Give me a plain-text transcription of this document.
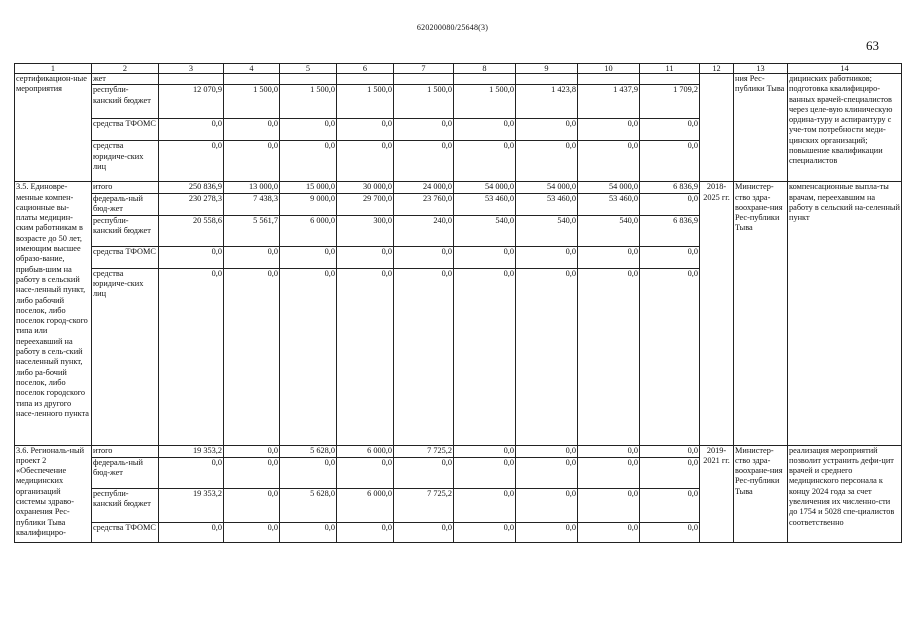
620200080/25648(3)
63
1	2	3	4	5	6	7	8	9	10	11	12	13	14
сертификацион-ные мероприятия	жет											ния Рес-публики Тыва	дицинских работников; подготовка квалифициро-ванных врачей-специалистов через целе-вую клиническую ордина-туру и аспирантуру с уче-том потребности меди-цинских организаций; повышение квалификации специалистов
	республи-канский бюджет	12 070,9	1 500,0	1 500,0	1 500,0	1 500,0	1 500,0	1 423,8	1 437,9	1 709,2			
	средства ТФОМС	0,0	0,0	0,0	0,0	0,0	0,0	0,0	0,0	0,0			
	средства юридиче-ских лиц	0,0	0,0	0,0	0,0	0,0	0,0	0,0	0,0	0,0			
3.5. Единовре-менные компен-сационные вы-платы медицин-ским работникам в возрасте до 50 лет, имеющим высшее образо-вание, прибыв-шим на работу в сельский насе-ленный пункт, либо рабочий поселок, либо поселок город-ского типа или переехавший на работу в сель-ский населенный пункт, либо ра-бочий поселок, либо поселок городского типа из другого насе-ленного пункта	итого	250 836,9	13 000,0	15 000,0	30 000,0	24 000,0	54 000,0	54 000,0	54 000,0	6 836,9	2018-2025 гг.	Министер-ство здра-воохране-ния Рес-публики Тыва	компенсационные выпла-ты врачам, переехавшим на работу в сельский на-селенный пункт
	федераль-ный бюд-жет	230 278,3	7 438,3	9 000,0	29 700,0	23 760,0	53 460,0	53 460,0	53 460,0	0,0			
	республи-канский бюджет	20 558,6	5 561,7	6 000,0	300,0	240,0	540,0	540,0	540,0	6 836,9			
	средства ТФОМС	0,0	0,0	0,0	0,0	0,0	0,0	0,0	0,0	0,0			
	средства юридиче-ских лиц	0,0	0,0	0,0	0,0	0,0	0,0	0,0	0,0	0,0			
3.6. Региональ-ный проект 2 «Обеспечение медицинских организаций системы здраво-охранения Рес-публики Тыва квалифициро-	итого	19 353,2	0,0	5 628,0	6 000,0	7 725,2	0,0	0,0	0,0	0,0	2019-2021 гг.	Министер-ство здра-воохране-ния Рес-публики Тыва	реализация мероприятий позволит устранить дефи-цит врачей и среднего медицинского персонала к концу 2024 года за счет увеличения их численно-сти до 1754 и 5028 спе-циалистов соответственно
	федераль-ный бюд-жет	0,0	0,0	0,0	0,0	0,0	0,0	0,0	0,0	0,0			
	республи-канский бюджет	19 353,2	0,0	5 628,0	6 000,0	7 725,2	0,0	0,0	0,0	0,0			
	средства ТФОМС	0,0	0,0	0,0	0,0	0,0	0,0	0,0	0,0	0,0			
